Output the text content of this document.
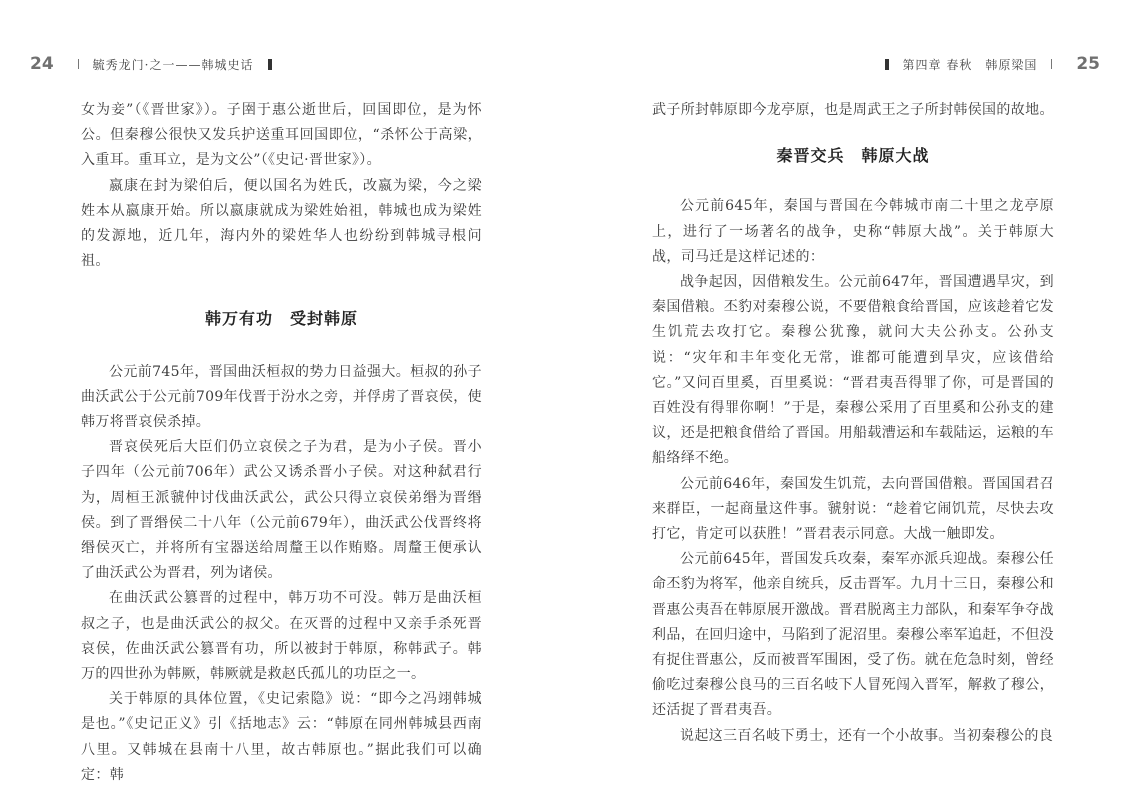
24	毓秀龙门·之一——韩城史话

女为妾”（《晋世家》）。子圉于惠公逝世后，回国即位，是为怀公。但秦穆公很快又发兵护送重耳回国即位，“杀怀公于高梁，入重耳。重耳立，是为文公”（《史记·晋世家》）。

嬴康在封为梁伯后，便以国名为姓氏，改嬴为梁，今之梁姓本从嬴康开始。所以嬴康就成为梁姓始祖，韩城也成为梁姓的发源地，近几年，海内外的梁姓华人也纷纷到韩城寻根问祖。

韩万有功　受封韩原

公元前745年，晋国曲沃桓叔的势力日益强大。桓叔的孙子曲沃武公于公元前709年伐晋于汾水之旁，并俘虏了晋哀侯，使韩万将晋哀侯杀掉。

晋哀侯死后大臣们仍立哀侯之子为君，是为小子侯。晋小子四年（公元前706年）武公又诱杀晋小子侯。对这种弑君行为，周桓王派虢仲讨伐曲沃武公，武公只得立哀侯弟缗为晋缗侯。到了晋缗侯二十八年（公元前679年），曲沃武公伐晋终将缗侯灭亡，并将所有宝器送给周釐王以作贿赂。周釐王便承认了曲沃武公为晋君，列为诸侯。

在曲沃武公篡晋的过程中，韩万功不可没。韩万是曲沃桓叔之子，也是曲沃武公的叔父。在灭晋的过程中又亲手杀死晋哀侯，佐曲沃武公篡晋有功，所以被封于韩原，称韩武子。韩万的四世孙为韩厥，韩厥就是救赵氏孤儿的功臣之一。

关于韩原的具体位置，《史记索隐》说：“即今之冯翊韩城是也。”《史记正义》引《括地志》云：“韩原在同州韩城县西南八里。又韩城在县南十八里，故古韩原也。”据此我们可以确定：韩

第四章 春秋　韩原梁国 25

武子所封韩原即今龙亭原，也是周武王之子所封韩侯国的故地。

秦晋交兵　韩原大战

公元前645年，秦国与晋国在今韩城市南二十里之龙亭原上，进行了一场著名的战争，史称“韩原大战”。关于韩原大战，司马迁是这样记述的：

战争起因，因借粮发生。公元前647年，晋国遭遇旱灾，到秦国借粮。丕豹对秦穆公说，不要借粮食给晋国，应该趁着它发生饥荒去攻打它。秦穆公犹豫，就问大夫公孙支。公孙支说：“灾年和丰年变化无常，谁都可能遭到旱灾，应该借给它。”又问百里奚，百里奚说：“晋君夷吾得罪了你，可是晋国的百姓没有得罪你啊！”于是，秦穆公采用了百里奚和公孙支的建议，还是把粮食借给了晋国。用船载漕运和车载陆运，运粮的车船络绎不绝。

公元前646年，秦国发生饥荒，去向晋国借粮。晋国国君召来群臣，一起商量这件事。虢射说：“趁着它闹饥荒，尽快去攻打它，肯定可以获胜！”晋君表示同意。大战一触即发。

公元前645年，晋国发兵攻秦，秦军亦派兵迎战。秦穆公任命丕豹为将军，他亲自统兵，反击晋军。九月十三日，秦穆公和晋惠公夷吾在韩原展开激战。晋君脱离主力部队，和秦军争夺战利品，在回归途中，马陷到了泥沼里。秦穆公率军追赶，不但没有捉住晋惠公，反而被晋军围困，受了伤。就在危急时刻，曾经偷吃过秦穆公良马的三百名岐下人冒死闯入晋军，解救了穆公，还活捉了晋君夷吾。

说起这三百名岐下勇士，还有一个小故事。当初秦穆公的良
